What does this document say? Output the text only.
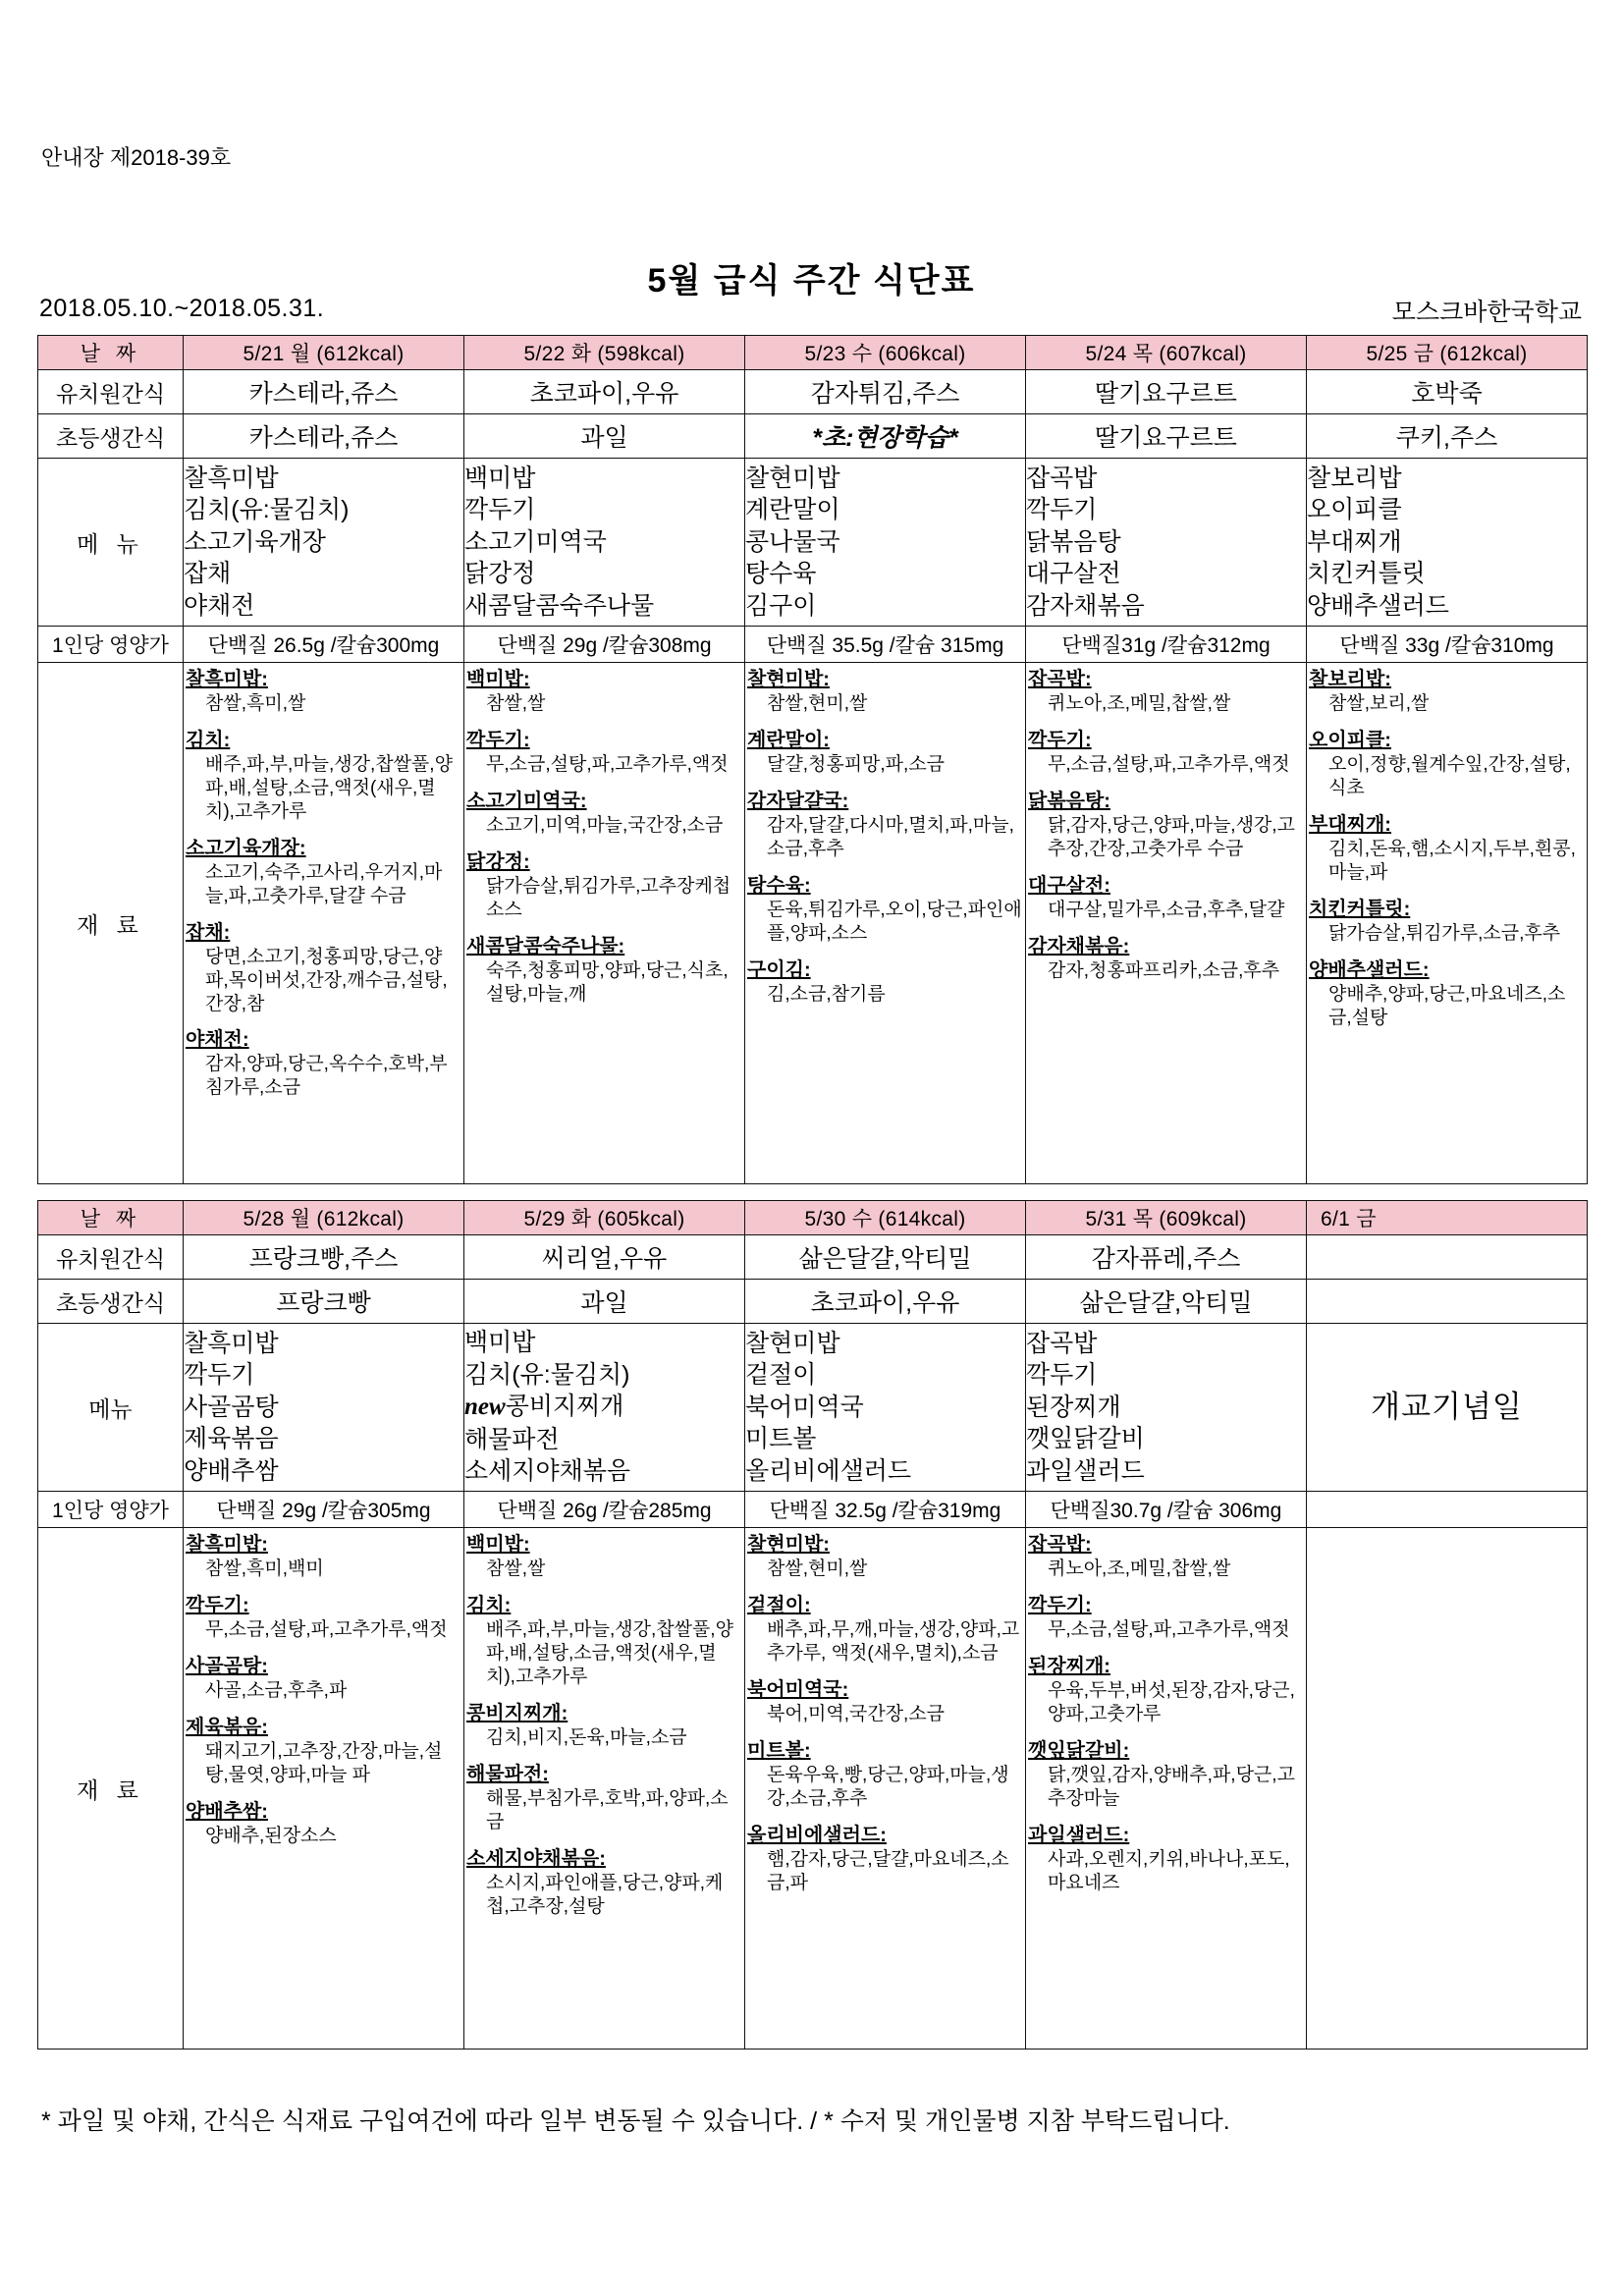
안내장 제2018-39호
5월 급식 주간 식단표
2018.05.10.~2018.05.31.	모스크바한국학교
날 짜	5/21 월 (612kcal)	5/22 화 (598kcal)	5/23 수 (606kcal)	5/24 목 (607kcal)	5/25 금 (612kcal)
유치원간식	카스테라,쥬스	초코파이,우유	감자튀김,주스	딸기요구르트	호박죽
초등생간식	카스테라,쥬스	과일	*초:현장학습*	딸기요구르트	쿠키,주스
메 뉴	
찰흑미밥
김치(유:물김치)
소고기육개장
잡채
야채전

백미밥
깍두기
소고기미역국
닭강정
새콤달콤숙주나물

찰현미밥
계란말이
콩나물국
탕수육
김구이

잡곡밥
깍두기
닭볶음탕
대구살전
감자채볶음

찰보리밥
오이피클
부대찌개
치킨커틀릿
양배추샐러드

1인당 영양가	단백질 26.5g /칼슘300mg	단백질 29g /칼슘308mg	단백질 35.5g /칼슘 315mg	단백질31g /칼슘312mg	단백질 33g /칼슘310mg
재 료	
찰흑미밥:
참쌀,흑미,쌀
김치:
배주,파,부,마늘,생강,찹쌀풀,양파,배,설탕,소금,액젓(새우,멸치),고추가루
소고기육개장:
소고기,숙주,고사리,우거지,마늘,파,고춧가루,달걀 수금
잡채:
당면,소고기,청홍피망,당근,양파,목이버섯,간장,깨수금,설탕,간장,참
야채전:
감자,양파,당근,옥수수,호박,부침가루,소금

백미밥:
참쌀,쌀
깍두기:
무,소금,설탕,파,고추가루,액젓
소고기미역국:
소고기,미역,마늘,국간장,소금
닭강정:
닭가슴살,튀김가루,고추장케첩소스
새콤달콤숙주나물:
숙주,청홍피망,양파,당근,식초,설탕,마늘,깨

찰현미밥:
참쌀,현미,쌀
계란말이:
달걀,청홍피망,파,소금
감자달걀국:
감자,달걀,다시마,멸치,파,마늘,소금,후추
탕수육:
돈육,튀김가루,오이,당근,파인애플,양파,소스
구이김:
김,소금,참기름

잡곡밥:
퀴노아,조,메밀,찹쌀,쌀
깍두기:
무,소금,설탕,파,고추가루,액젓
닭볶음탕:
닭,감자,당근,양파,마늘,생강,고추장,간장,고춧가루 수금
대구살전:
대구살,밀가루,소금,후추,달걀
감자채볶음:
감자,청홍파프리카,소금,후추

찰보리밥:
참쌀,보리,쌀
오이피클:
오이,정향,월계수잎,간장,설탕,식초
부대찌개:
김치,돈육,햄,소시지,두부,흰콩,마늘,파
치킨커틀릿:
닭가슴살,튀김가루,소금,후추
양배추샐러드:
양배추,양파,당근,마요네즈,소금,설탕
날 짜	5/28 월 (612kcal)	5/29 화 (605kcal)	5/30 수 (614kcal)	5/31 목 (609kcal)	6/1 금
유치원간식	프랑크빵,주스	씨리얼,우유	삶은달걀,악티밀	감자퓨레,주스	
초등생간식	프랑크빵	과일	초코파이,우유	삶은달걀,악티밀	
메뉴	
찰흑미밥
깍두기
사골곰탕
제육볶음
양배추쌈

백미밥
김치(유:물김치)
new콩비지찌개
해물파전
소세지야채볶음

찰현미밥
겉절이
북어미역국
미트볼
올리비에샐러드

잡곡밥
깍두기
된장찌개
깻잎닭갈비
과일샐러드
	개교기념일
1인당 영양가	단백질 29g /칼슘305mg	단백질 26g /칼슘285mg	단백질 32.5g /칼슘319mg	단백질30.7g /칼슘 306mg	
재 료	
찰흑미밥:
참쌀,흑미,백미
깍두기:
무,소금,설탕,파,고추가루,액젓
사골곰탕:
사골,소금,후추,파
제육볶음:
돼지고기,고추장,간장,마늘,설탕,물엿,양파,마늘 파
양배추쌈:
양배추,된장소스

백미밥:
참쌀,쌀
김치:
배주,파,부,마늘,생강,찹쌀풀,양파,배,설탕,소금,액젓(새우,멸치),고추가루
콩비지찌개:
김치,비지,돈육,마늘,소금
해물파전:
해물,부침가루,호박,파,양파,소금
소세지야채볶음:
소시지,파인애플,당근,양파,케첩,고추장,설탕

찰현미밥:
참쌀,현미,쌀
겉절이:
배추,파,무,깨,마늘,생강,양파,고추가루, 액젓(새우,멸치),소금
북어미역국:
북어,미역,국간장,소금
미트볼:
돈육우육,빵,당근,양파,마늘,생강,소금,후추
올리비에샐러드:
햄,감자,당근,달걀,마요네즈,소금,파

잡곡밥:
퀴노아,조,메밀,찹쌀,쌀
깍두기:
무,소금,설탕,파,고추가루,액젓
된장찌개:
우육,두부,버섯,된장,감자,당근,양파,고춧가루
깻잎닭갈비:
닭,깻잎,감자,양배추,파,당근,고추장마늘
과일샐러드:
사과,오렌지,키위,바나나,포도,마요네즈

* 과일 및 야채, 간식은 식재료 구입여건에 따라 일부 변동될 수 있습니다. / * 수저 및 개인물병 지참 부탁드립니다.
